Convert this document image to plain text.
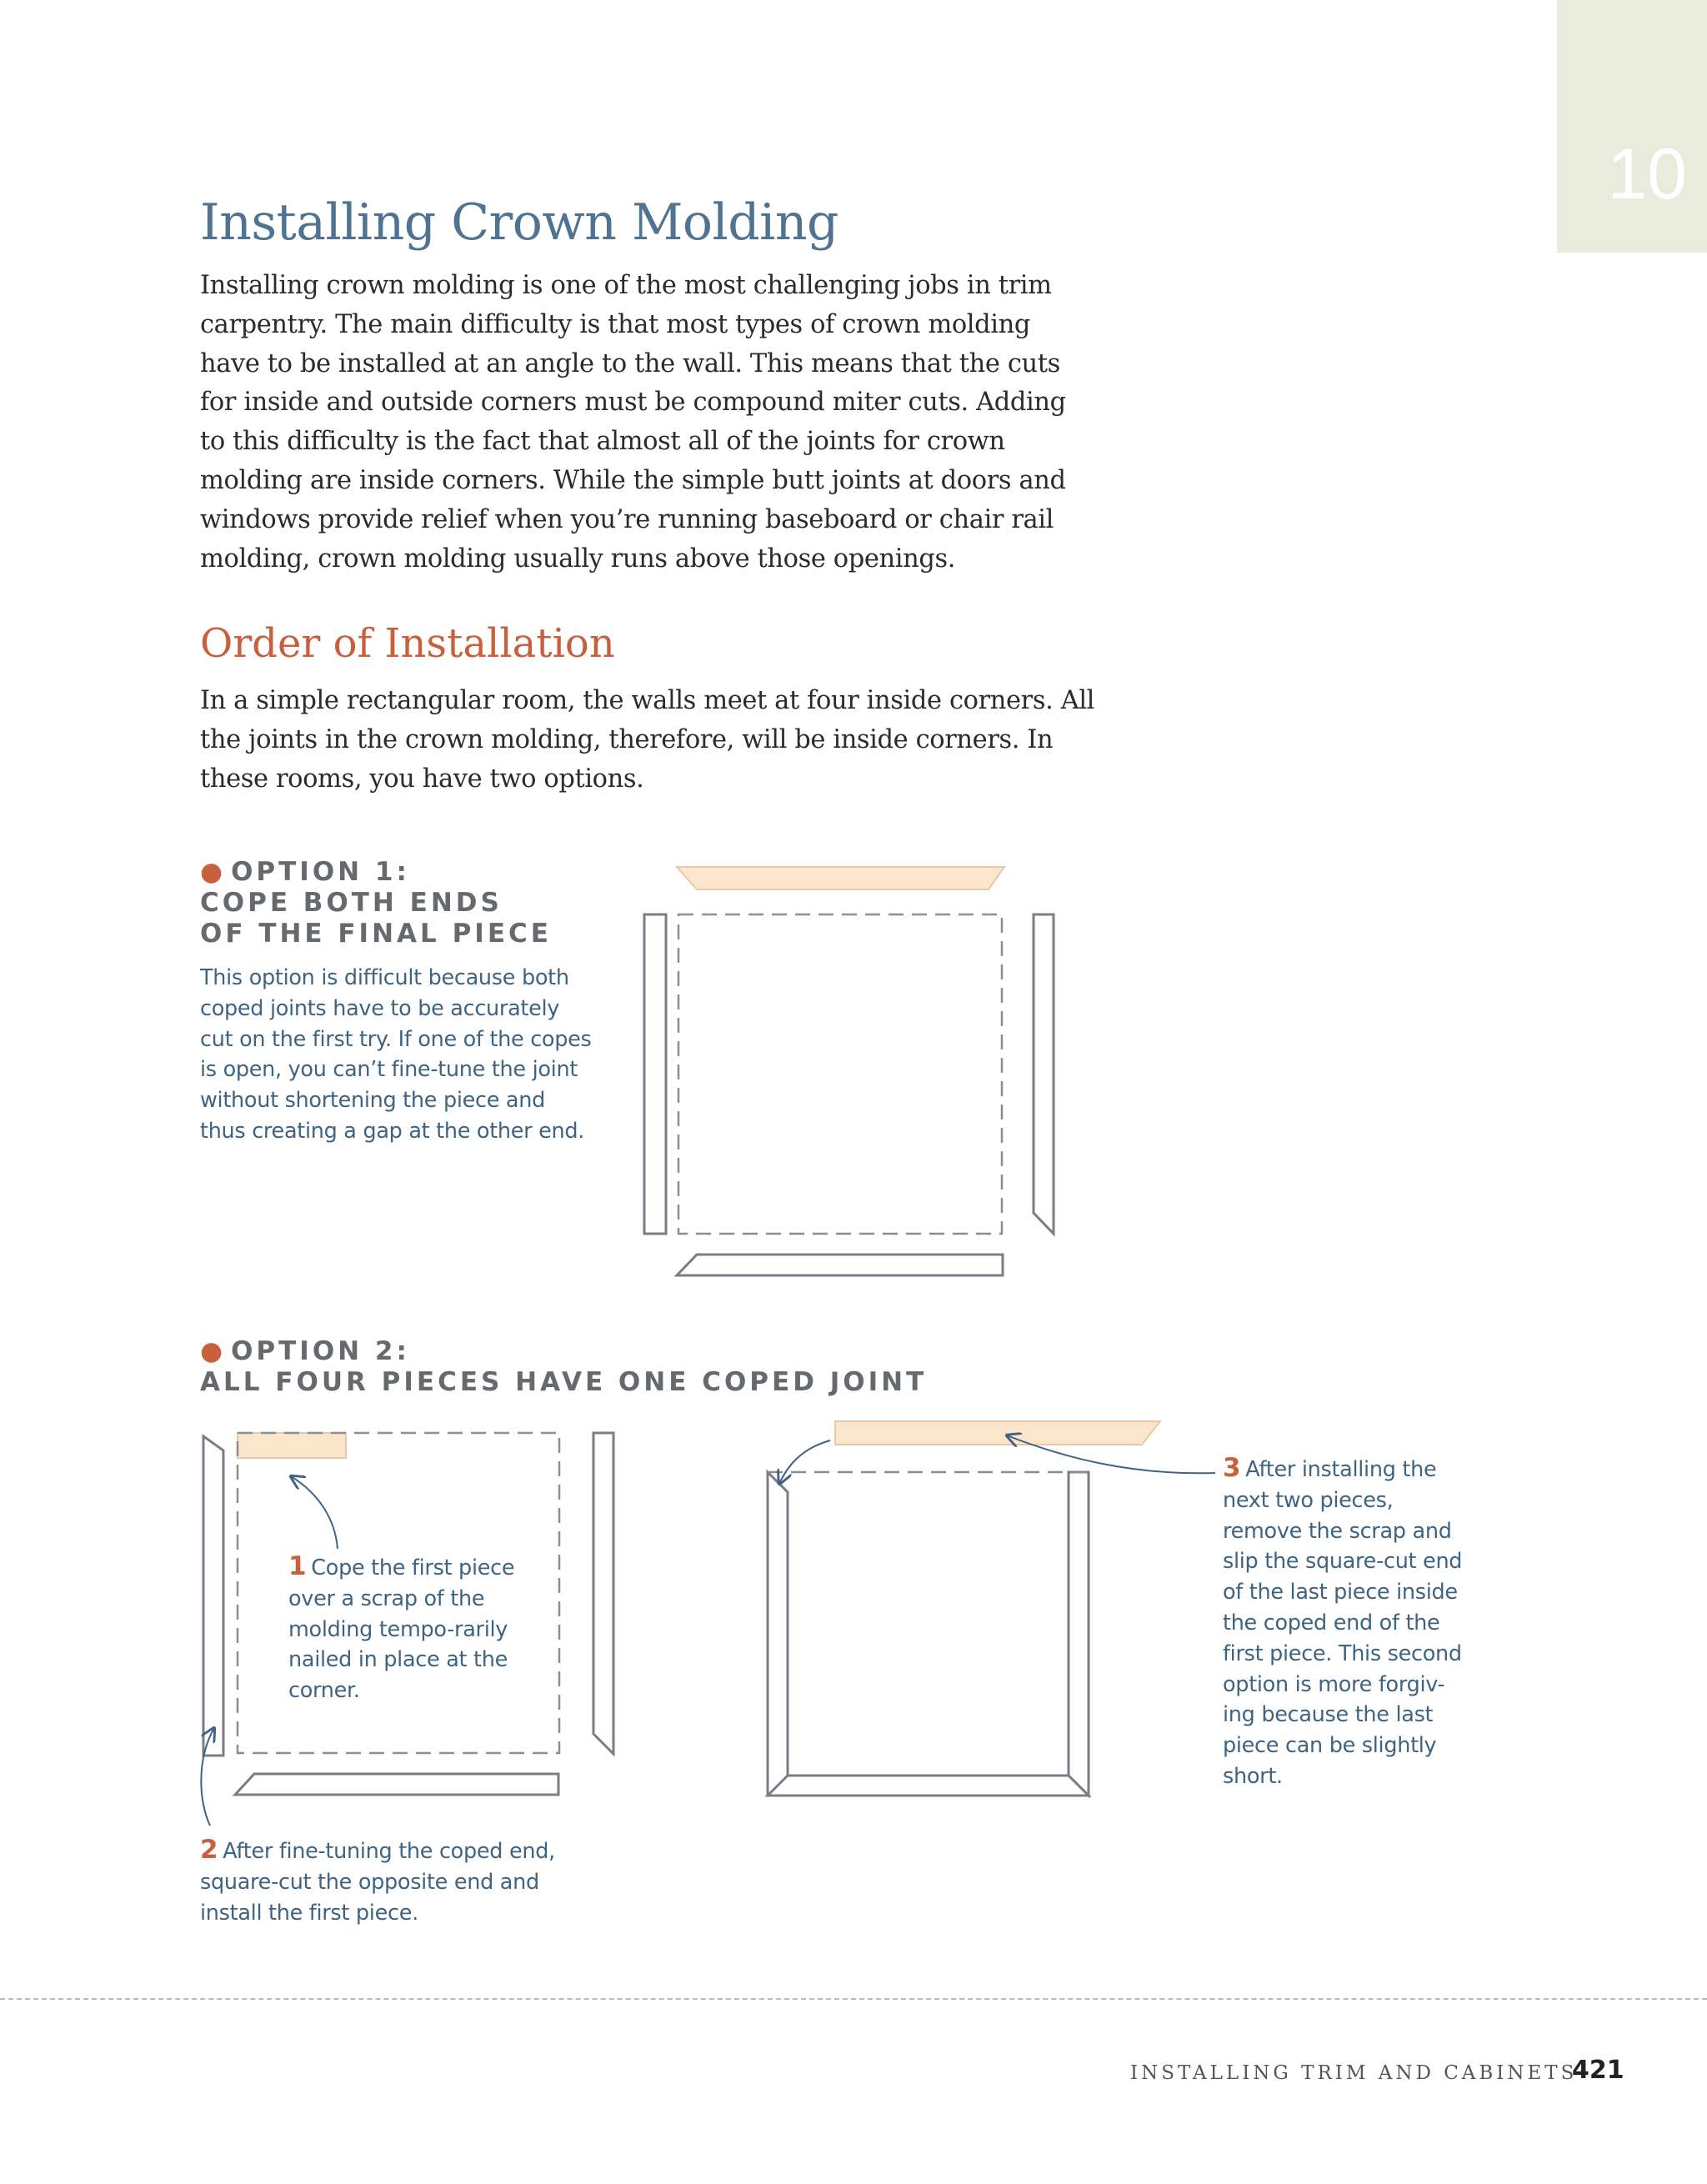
10
Installing Crown Molding

Installing crown molding is one of the most challenging jobs in trim carpentry. The main difficulty is that most types of crown molding have to be installed at an angle to the wall. This means that the cuts for inside and outside corners must be compound miter cuts. Adding to this difficulty is the fact that almost all of the joints for crown molding are inside corners. While the simple butt joints at doors and windows provide relief when you’re running baseboard or chair rail molding, crown molding usually runs above those openings.

Order of Installation

In a simple rectangular room, the walls meet at four inside corners. All the joints in the crown molding, therefore, will be inside corners. In these rooms, you have two options.

● OPTION 1:
COPE BOTH ENDS
OF THE FINAL PIECE

This option is difficult because both coped joints have to be accurately cut on the first try. If one of the copes is open, you can’t fine-tune the joint without shortening the piece and thus creating a gap at the other end.

● OPTION 2:
ALL FOUR PIECES HAVE ONE COPED JOINT

1 Cope the first piece over a scrap of the molding tempo-rarily nailed in place at the corner.

2 After fine-tuning the coped end, square-cut the opposite end and install the first piece.

3 After installing the next two pieces, remove the scrap and slip the square-cut end of the last piece inside the coped end of the first piece. This second option is more forgiv-ing because the last piece can be slightly short.

INSTALLING TRIM AND CABINETS
421
